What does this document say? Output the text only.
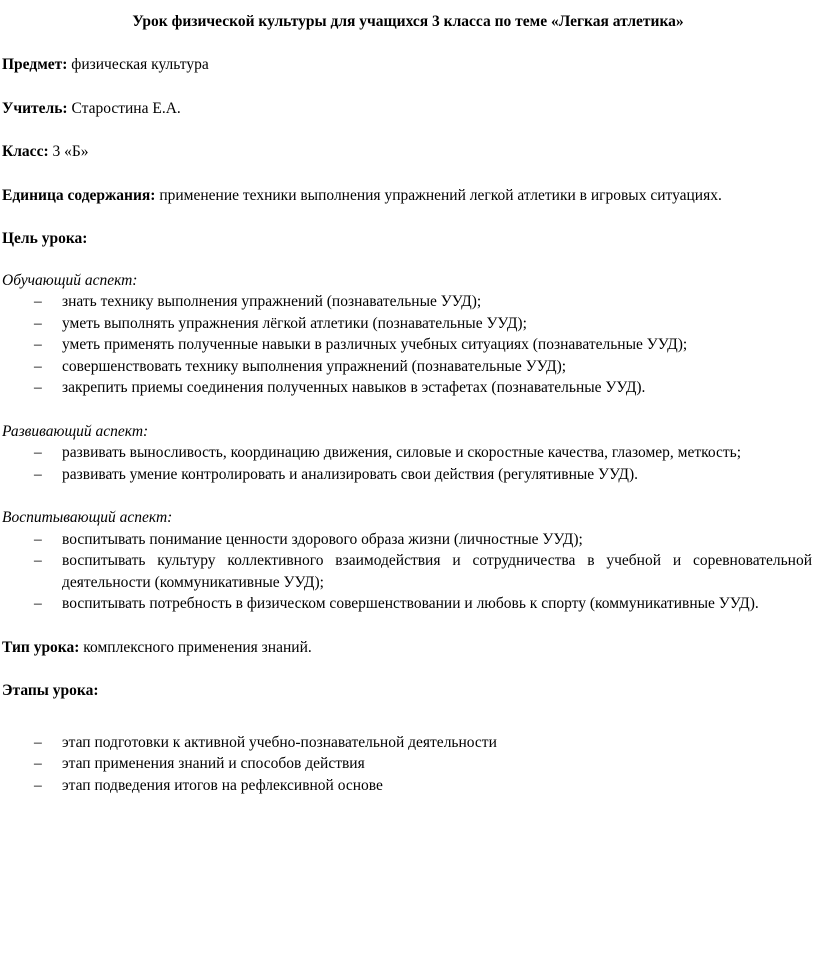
Урок физической культуры для учащихся 3 класса по теме «Легкая атлетика»

Предмет: физическая культура

Учитель: Старостина Е.А.

Класс: 3 «Б»

Единица содержания: применение техники выполнения упражнений легкой атлетики в игровых ситуациях.

Цель урока:

Обучающий аспект:

– знать технику выполнения упражнений (познавательные УУД);
– уметь выполнять упражнения лёгкой атлетики (познавательные УУД);
– уметь применять полученные навыки в различных учебных ситуациях (познавательные УУД);
– совершенствовать технику выполнения упражнений (познавательные УУД);
– закрепить приемы соединения полученных навыков в эстафетах (познавательные УУД).

Развивающий аспект:

– развивать выносливость, координацию движения, силовые и скоростные качества, глазомер, меткость;
– развивать умение контролировать и анализировать свои действия (регулятивные УУД).

Воспитывающий аспект:

– воспитывать понимание ценности здорового образа жизни (личностные УУД);
– воспитывать культуру коллективного взаимодействия и сотрудничества в учебной и соревновательной деятельности (коммуникативные УУД);
– воспитывать потребность в физическом совершенствовании и любовь к спорту (коммуникативные УУД).

Тип урока: комплексного применения знаний.

Этапы урока:

– этап подготовки к активной учебно-познавательной деятельности
– этап применения знаний и способов действия
– этап подведения итогов на рефлексивной основе
